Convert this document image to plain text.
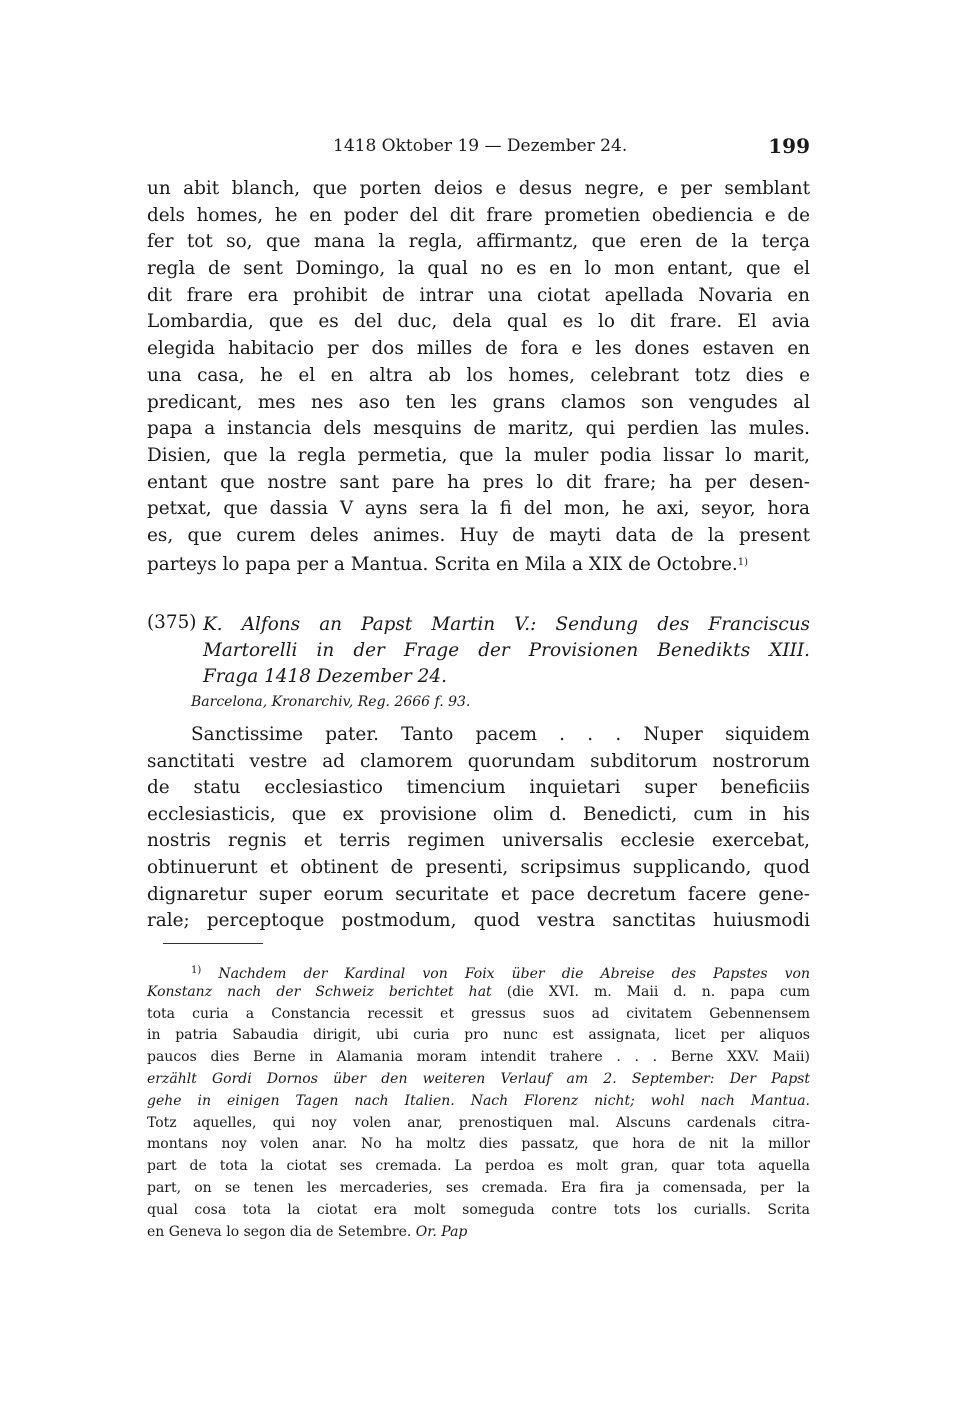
1418 Oktober 19 — Dezember 24.	199
un abit blanch, que porten deios e desus negre, e per semblant
dels homes, he en poder del dit frare prometien obediencia e de
fer tot so, que mana la regla, affirmantz, que eren de la terça
regla de sent Domingo, la qual no es en lo mon entant, que el
dit frare era prohibit de intrar una ciotat apellada Novaria en
Lombardia, que es del duc, dela qual es lo dit frare. El avia
elegida habitacio per dos milles de fora e les dones estaven en
una casa, he el en altra ab los homes, celebrant totz dies e
predicant, mes nes aso ten les grans clamos son vengudes al
papa a instancia dels mesquins de maritz, qui perdien las mules.
Disien, que la regla permetia, que la muler podia lissar lo marit,
entant que nostre sant pare ha pres lo dit frare; ha per desen-
petxat, que dassia V ayns sera la fi del mon, he axi, seyor, hora
es, que curem deles animes. Huy de mayti data de la present
parteys lo papa per a Mantua. Scrita en Mila a XIX de Octobre.$^{1)}$
(375) K. Alfons an Papst Martin V.: Sendung des Franciscus
Martorelli in der Frage der Provisionen Benedikts XIII.
Fraga 1418 Dezember 24.
Barcelona, Kronarchiv, Reg. 2666 f. 93.
Sanctissime pater. Tanto pacem . . . Nuper siquidem
sanctitati vestre ad clamorem quorundam subditorum nostrorum
de statu ecclesiastico timencium inquietari super beneficiis
ecclesiasticis, que ex provisione olim d. Benedicti, cum in his
nostris regnis et terris regimen universalis ecclesie exercebat,
obtinuerunt et obtinent de presenti, scripsimus supplicando, quod
dignaretur super eorum securitate et pace decretum facere gene-
rale; perceptoque postmodum, quod vestra sanctitas huiusmodi
$^{1)}$ Nachdem der Kardinal von Foix über die Abreise des Papstes von
Konstanz nach der Schweiz berichtet hat (die XVI. m. Maii d. n. papa cum
tota curia a Constancia recessit et gressus suos ad civitatem Gebennensem
in patria Sabaudia dirigit, ubi curia pro nunc est assignata, licet per aliquos
paucos dies Berne in Alamania moram intendit trahere . . . Berne XXV. Maii)
erzählt Gordi Dornos über den weiteren Verlauf am 2. September: Der Papst
gehe in einigen Tagen nach Italien. Nach Florenz nicht; wohl nach Mantua.
Totz aquelles, qui noy volen anar, prenostiquen mal. Alscuns cardenals citra-
montans noy volen anar. No ha moltz dies passatz, que hora de nit la millor
part de tota la ciotat ses cremada. La perdoa es molt gran, quar tota aquella
part, on se tenen les mercaderies, ses cremada. Era fira ja comensada, per la
qual cosa tota la ciotat era molt someguda contre tots los curialls. Scrita
en Geneva lo segon dia de Setembre. Or. Pap
